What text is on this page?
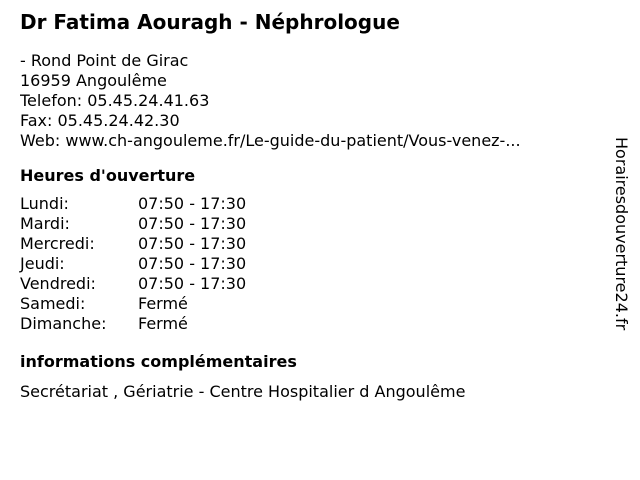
Dr Fatima Aouragh - Néphrologue
- Rond Point de Girac
16959 Angoulême
Telefon: 05.45.24.41.63
Fax: 05.45.24.42.30
Web: www.ch-angouleme.fr/Le-guide-du-patient/Vous-venez-...
Heures d'ouverture
Lundi:	07:50 - 17:30
Mardi:	07:50 - 17:30
Mercredi:	07:50 - 17:30
Jeudi:	07:50 - 17:30
Vendredi:	07:50 - 17:30
Samedi:	Fermé
Dimanche:	Fermé
informations complémentaires
Secrétariat , Gériatrie - Centre Hospitalier d Angoulême
Horairesdouverture24.fr
